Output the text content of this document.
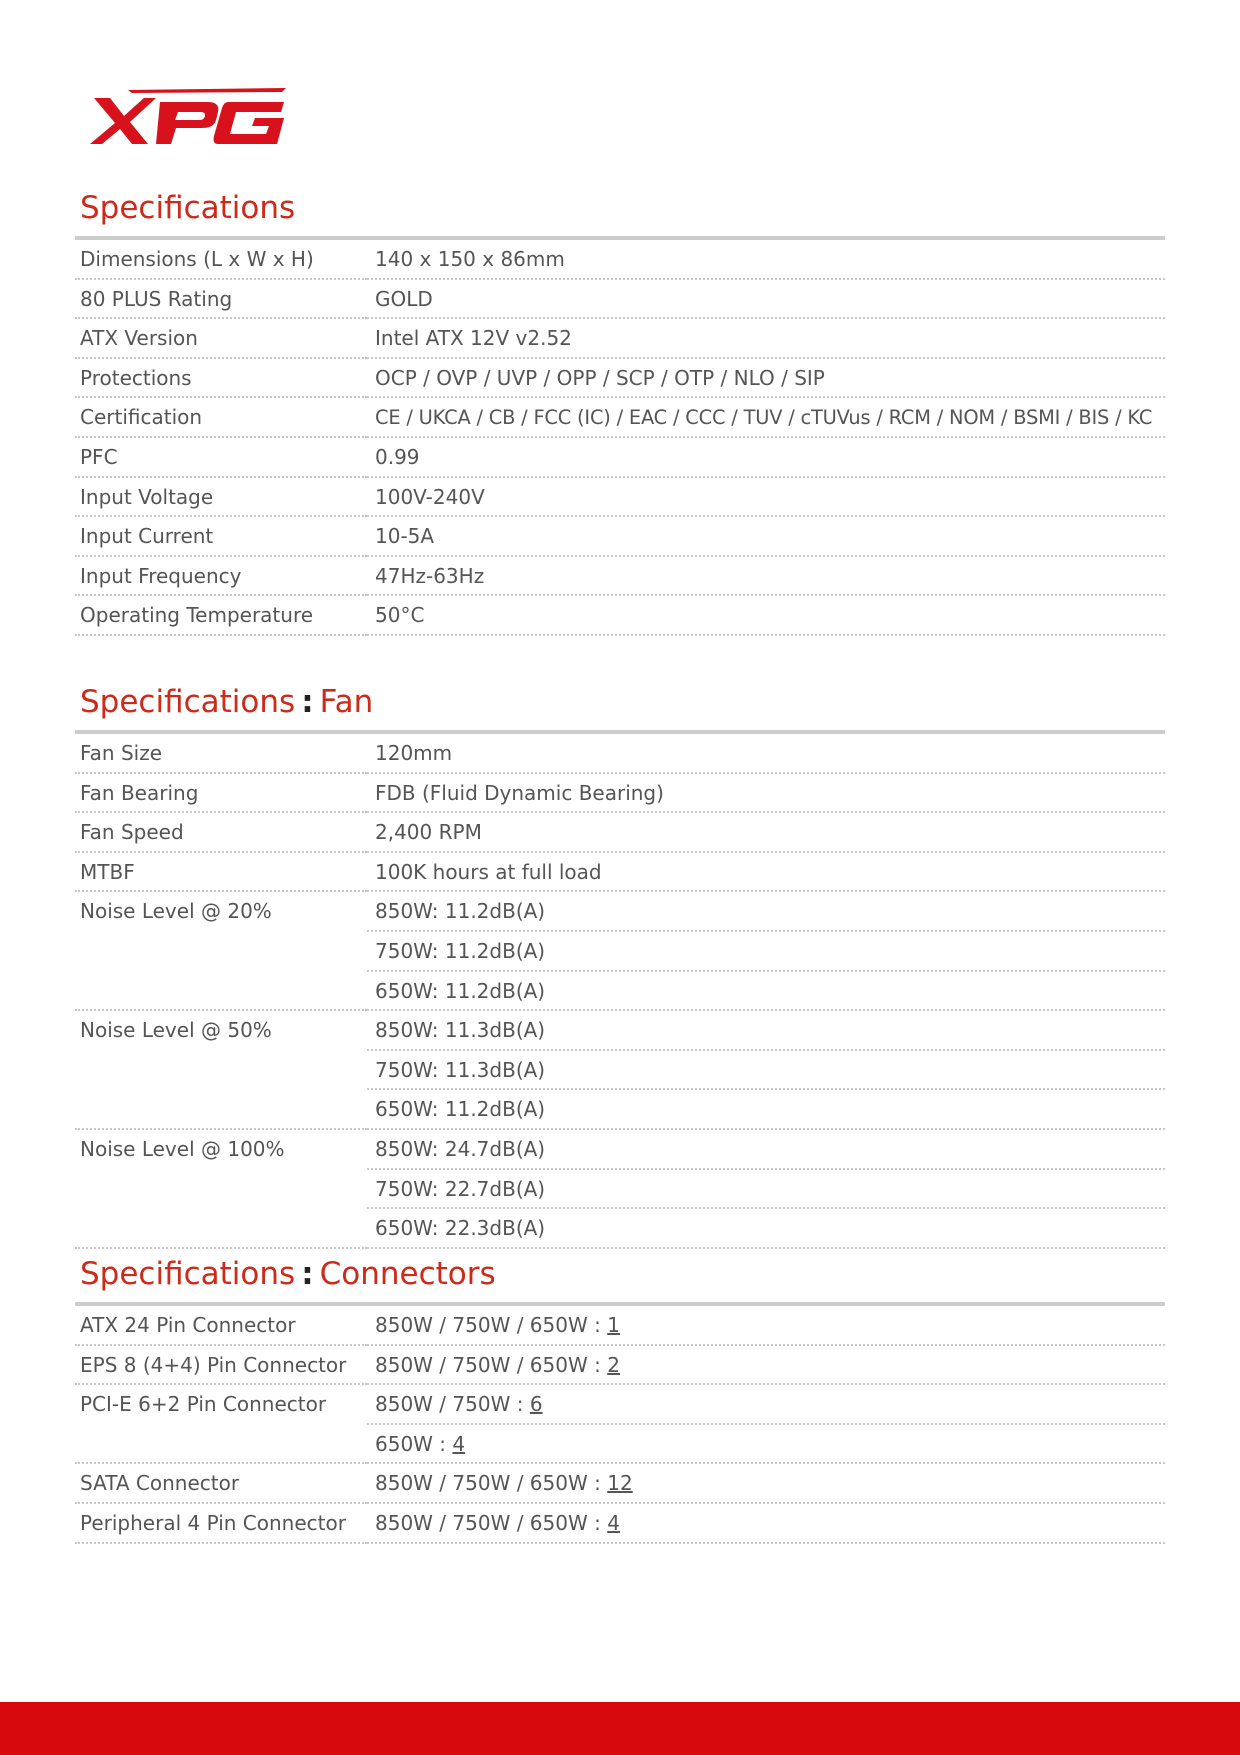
Specifications
Dimensions (L x W x H)	140 x 150 x 86mm
80 PLUS Rating	GOLD
ATX Version	Intel ATX 12V v2.52
Protections	OCP / OVP / UVP / OPP / SCP / OTP / NLO / SIP
Certification	CE / UKCA / CB / FCC (IC) / EAC / CCC / TUV / cTUVus / RCM / NOM / BSMI / BIS / KC
PFC	0.99
Input Voltage	100V-240V
Input Current	10-5A
Input Frequency	47Hz-63Hz
Operating Temperature	50°C
Specifications : Fan
Fan Size	120mm
Fan Bearing	FDB (Fluid Dynamic Bearing)
Fan Speed	2,400 RPM
MTBF	100K hours at full load
Noise Level @ 20%	850W: 11.2dB(A)
750W: 11.2dB(A)
650W: 11.2dB(A)
Noise Level @ 50%	850W: 11.3dB(A)
750W: 11.3dB(A)
650W: 11.2dB(A)
Noise Level @ 100%	850W: 24.7dB(A)
750W: 22.7dB(A)
650W: 22.3dB(A)
Specifications : Connectors
ATX 24 Pin Connector	850W / 750W / 650W : 1
EPS 8 (4+4) Pin Connector	850W / 750W / 650W : 2
PCI-E 6+2 Pin Connector	850W / 750W : 6
650W : 4
SATA Connector	850W / 750W / 650W : 12
Peripheral 4 Pin Connector	850W / 750W / 650W : 4
